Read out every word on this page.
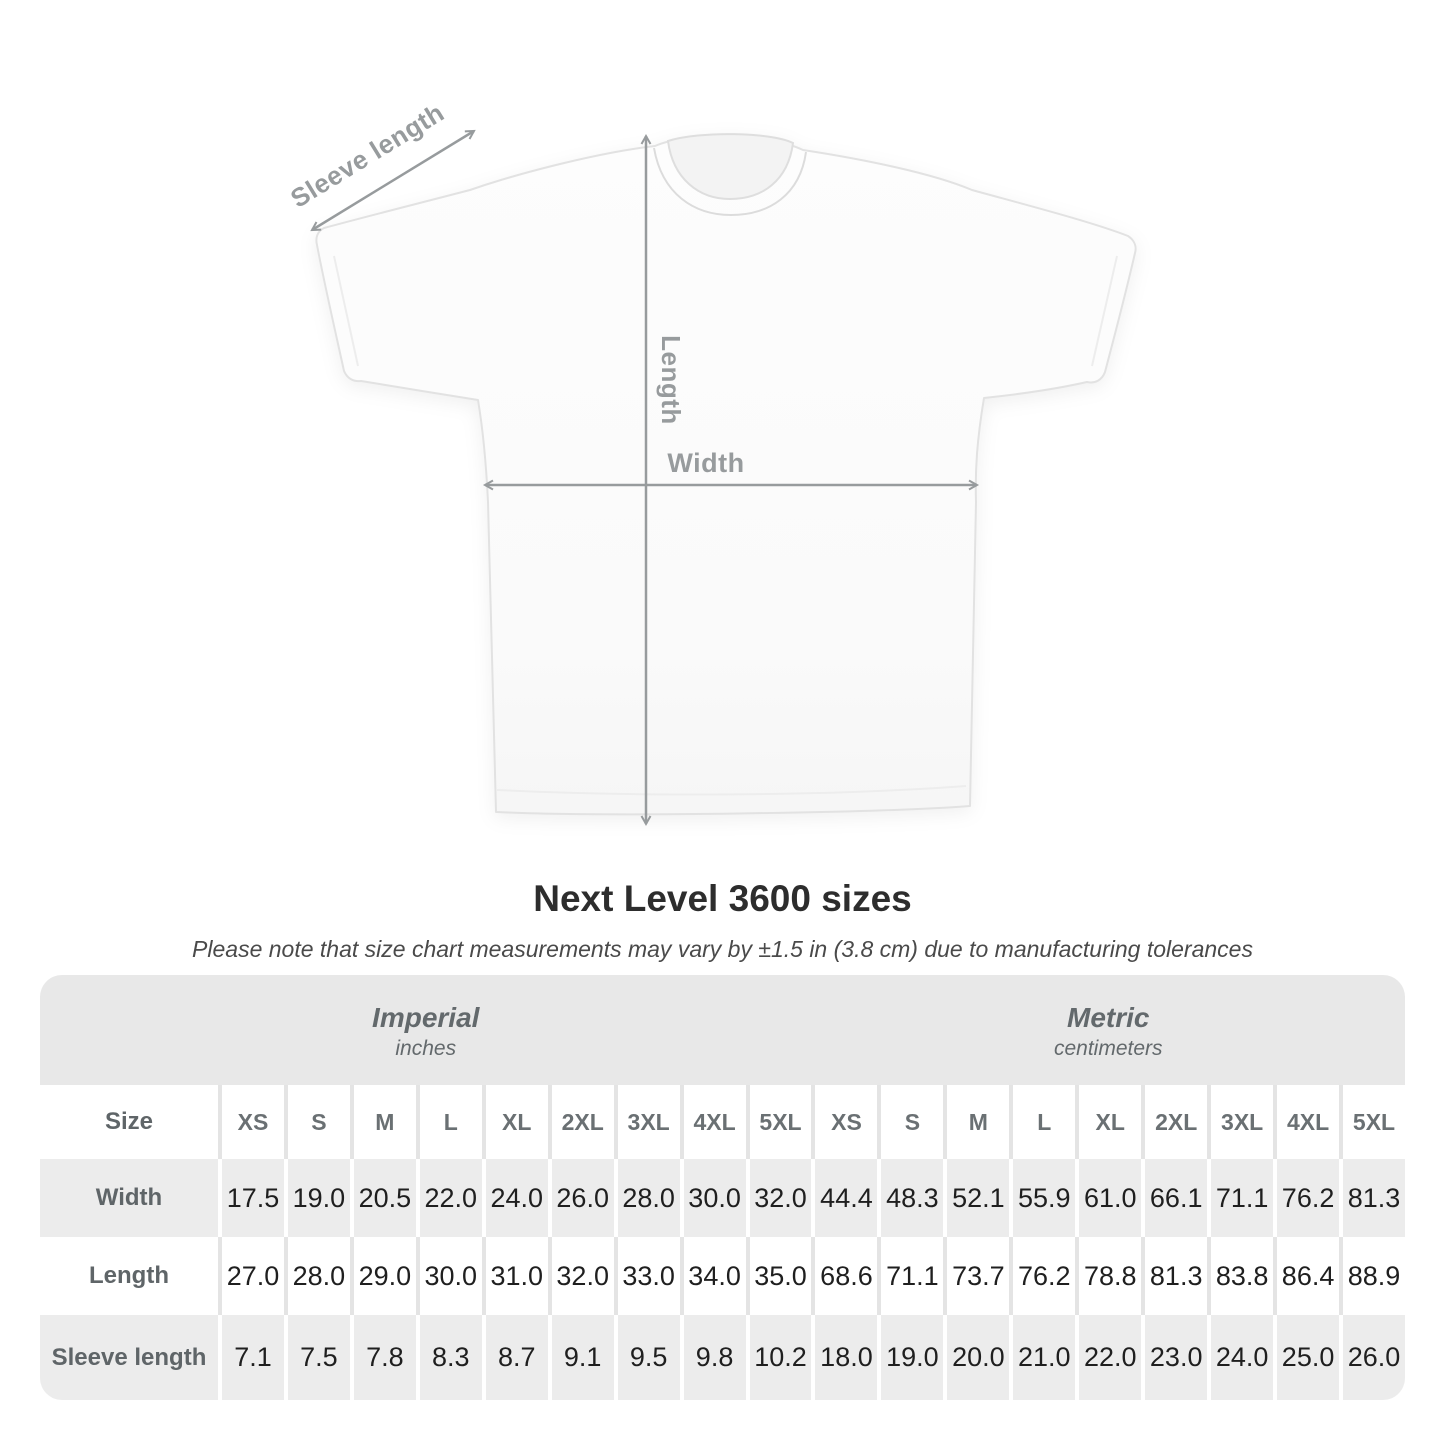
Sleeve length
Length
Width
Next Level 3600 sizes
Please note that size chart measurements may vary by ±1.5 in (3.8 cm) due to manufacturing tolerances
Imperial
inches
Metric
centimeters
Size	XS	S	M	L	XL	2XL	3XL	4XL	5XL	XS	S	M	L	XL	2XL	3XL	4XL	5XL
Width	17.5 19.0 20.5 22.0 24.0 26.0 28.0 30.0 32.0 44.4 48.3 52.1 55.9 61.0 66.1 71.1 76.2 81.3
Length	27.0 28.0 29.0 30.0 31.0 32.0 33.0 34.0 35.0 68.6 71.1 73.7 76.2 78.8 81.3 83.8 86.4 88.9
Sleeve length	7.1	7.5	7.8	8.3	8.7	9.1	9.5	9.8 10.2 18.0 19.0 20.0 21.0 22.0 23.0 24.0 25.0 26.0
